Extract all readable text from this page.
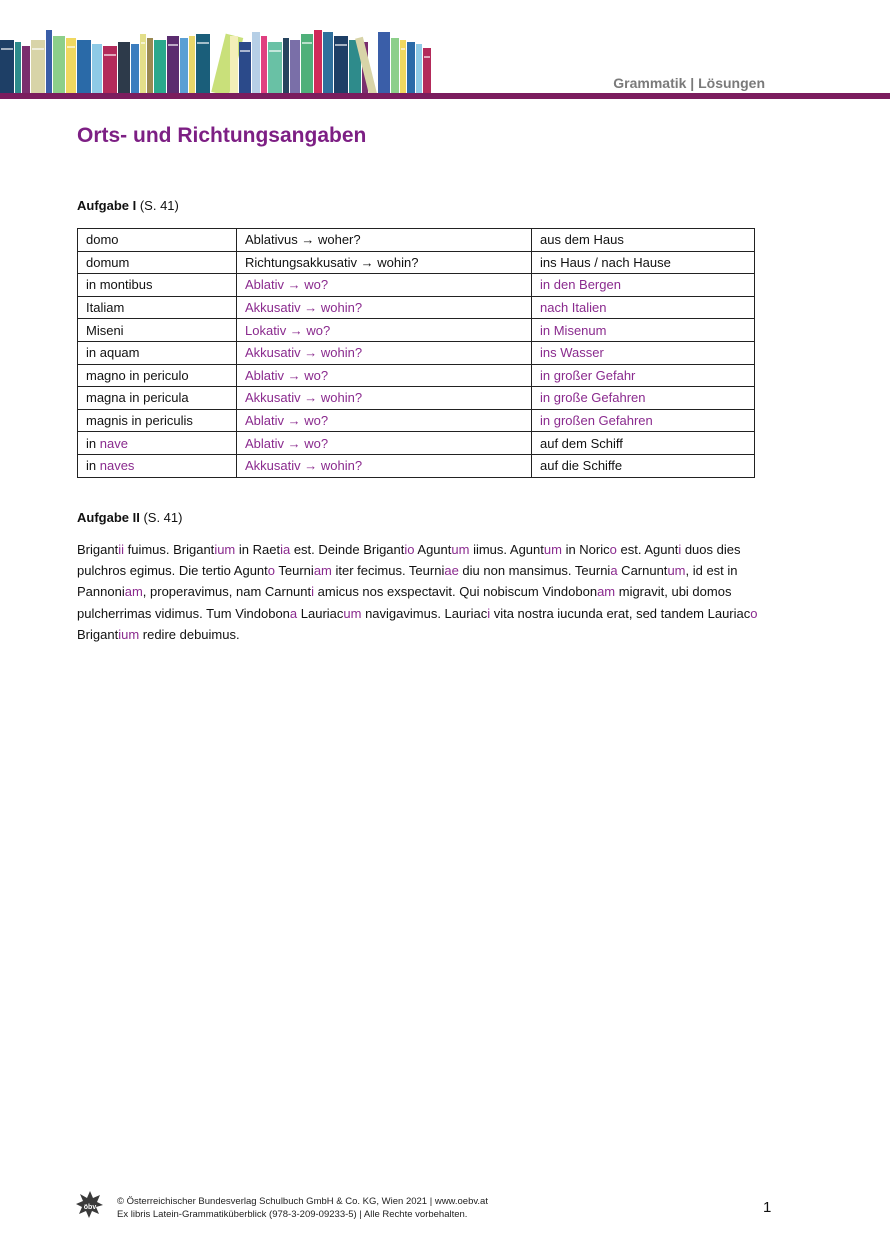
Grammatik | Lösungen
Orts- und Richtungsangaben
Aufgabe I (S. 41)
domo	Ablativus → woher?	aus dem Haus
domum	Richtungsakkusativ → wohin?	ins Haus / nach Hause
in montibus	Ablativ → wo?	in den Bergen
Italiam	Akkusativ → wohin?	nach Italien
Miseni	Lokativ → wo?	in Misenum
in aquam	Akkusativ → wohin?	ins Wasser
magno in periculo	Ablativ → wo?	in großer Gefahr
magna in pericula	Akkusativ → wohin?	in große Gefahren
magnis in periculis	Ablativ → wo?	in großen Gefahren
in nave	Ablativ → wo?	auf dem Schiff
in naves	Akkusativ → wohin?	auf die Schiffe
Aufgabe II (S. 41)

Brigantii fuimus. Brigantium in Raetia est. Deinde Brigantio Aguntum iimus. Aguntum in Norico est. Agunti duos dies pulchros egimus. Die tertio Agunto Teurniam iter fecimus. Teurniae diu non mansimus. Teurnia Carnuntum, id est in Pannoniam, properavimus, nam Carnunti amicus nos exspectavit. Qui nobiscum Vindobonam migravit, ubi domos pulcherrimas vidimus. Tum Vindobona Lauriacum navigavimus. Lauriaci vita nostra iucunda erat, sed tandem Lauriaco Brigantium redire debuimus.

öbv
© Österreichischer Bundesverlag Schulbuch GmbH & Co. KG, Wien 2021 | www.oebv.at
Ex libris Latein-Grammatiküberblick (978-3-209-09233-5) | Alle Rechte vorbehalten.	1
